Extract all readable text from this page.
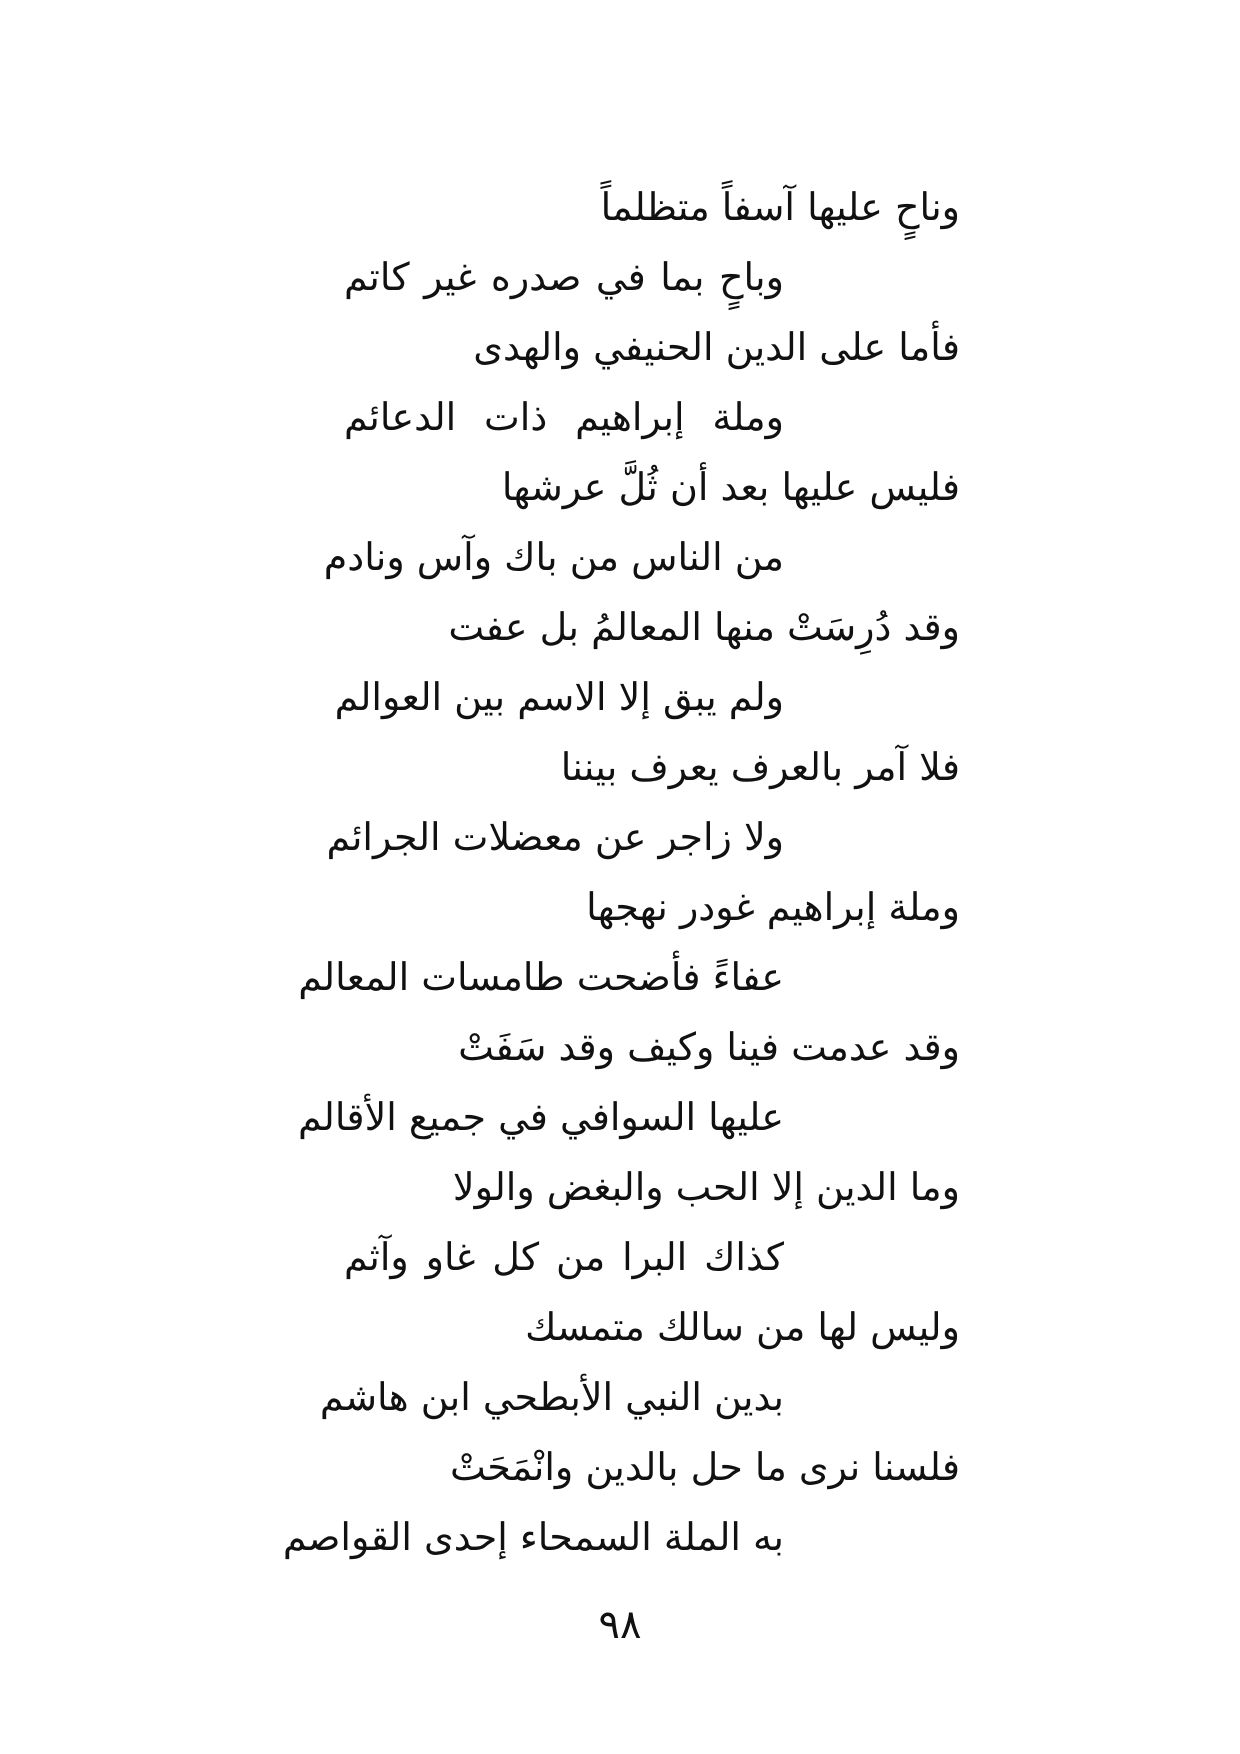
وناحٍ عليها آسفاً متظلماً
وباحٍ بما في صدره غير كاتم
فأما على الدين الحنيفي والهدى
وملة إبراهيم ذات الدعائم
فليس عليها بعد أن ثُلَّ عرشها
من الناس من باك وآس ونادم
وقد دُرِسَتْ منها المعالمُ بل عفت
ولم يبق إلا الاسم بين العوالم
فلا آمر بالعرف يعرف بيننا
ولا زاجر عن معضلات الجرائم
وملة إبراهيم غودر نهجها
عفاءً فأضحت طامسات المعالم
وقد عدمت فينا وكيف وقد سَفَتْ
عليها السوافي في جميع الأقالم
وما الدين إلا الحب والبغض والولا
كذاك البرا من كل غاو وآثم
وليس لها من سالك متمسك
بدين النبي الأبطحي ابن هاشم
فلسنا نرى ما حل بالدين وانْمَحَتْ
به الملة السمحاء إحدى القواصم
٩٨
